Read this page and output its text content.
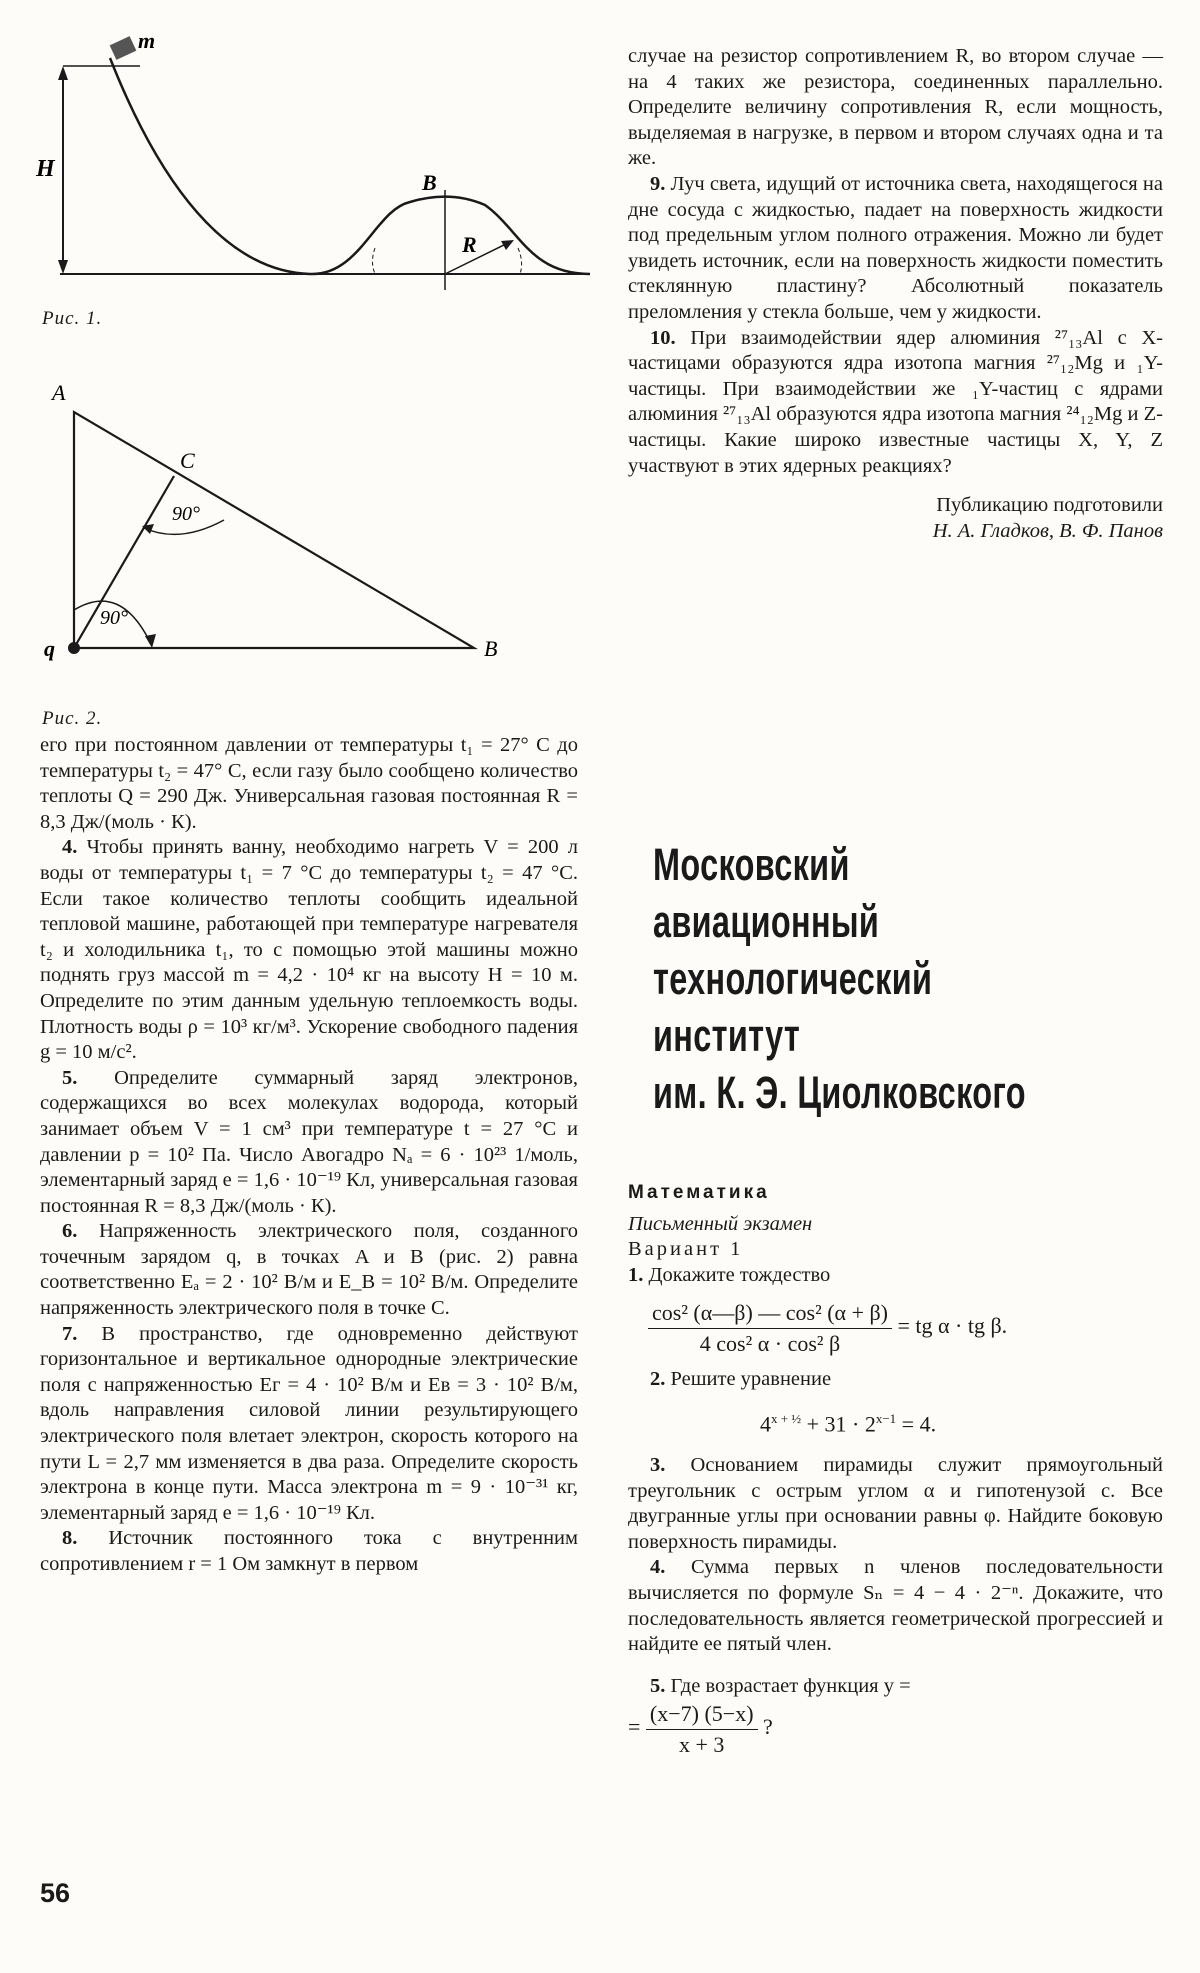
m
H
B
R
Рис. 1.
A
C
B
q
90°
90°
Рис. 2.

его при постоянном давлении от температуры t₁ = 27° C до температуры t₂ = 47° C, если газу было сообщено количество теплоты Q = 290 Дж. Универсальная газовая постоянная R = 8,3 Дж/(моль · К).

4. Чтобы принять ванну, необходимо нагреть V = 200 л воды от температуры t₁ = 7 °C до температуры t₂ = 47 °C. Если такое количество теплоты сообщить идеальной тепловой машине, работающей при температуре нагревателя t₂ и холодильника t₁, то с помощью этой машины можно поднять груз массой m = 4,2 · 10⁴ кг на высоту H = 10 м. Определите по этим данным удельную теплоемкость воды. Плотность воды ρ = 10³ кг/м³. Ускорение свободного падения g = 10 м/с².

5. Определите суммарный заряд электронов, содержащихся во всех молекулах водорода, который занимает объем V = 1 см³ при температуре t = 27 °C и давлении p = 10² Па. Число Авогадро Nₐ = 6 · 10²³ 1/моль, элементарный заряд e = 1,6 · 10⁻¹⁹ Кл, универсальная газовая постоянная R = 8,3 Дж/(моль · К).

6. Напряженность электрического поля, созданного точечным зарядом q, в точках A и B (рис. 2) равна соответственно Eₐ = 2 · 10² В/м и E_B = 10² В/м. Определите напряженность электрического поля в точке C.

7. В пространство, где одновременно действуют горизонтальное и вертикальное однородные электрические поля с напряженностью Eг = 4 · 10² В/м и Eв = 3 · 10² В/м, вдоль направления силовой линии результирующего электрического поля влетает электрон, скорость которого на пути L = 2,7 мм изменяется в два раза. Определите скорость электрона в конце пути. Масса электрона m = 9 · 10⁻³¹ кг, элементарный заряд e = 1,6 · 10⁻¹⁹ Кл.

8. Источник постоянного тока с внутренним сопротивлением r = 1 Ом замкнут в первом

случае на резистор сопротивлением R, во втором случае — на 4 таких же резистора, соединенных параллельно. Определите величину сопротивления R, если мощность, выделяемая в нагрузке, в первом и втором случаях одна и та же.

9. Луч света, идущий от источника света, находящегося на дне сосуда с жидкостью, падает на поверхность жидкости под предельным углом полного отражения. Можно ли будет увидеть источник, если на поверхность жидкости поместить стеклянную пластину? Абсолютный показатель преломления у стекла больше, чем у жидкости.

10. При взаимодействии ядер алюминия ²⁷₁₃Al с X-частицами образуются ядра изотопа магния ²⁷₁₂Mg и ₁Y-частицы. При взаимодействии же ₁Y-частиц с ядрами алюминия ²⁷₁₃Al образуются ядра изотопа магния ²⁴₁₂Mg и Z-частицы. Какие широко известные частицы X, Y, Z участвуют в этих ядерных реакциях?

Публикацию подготовили

Н. А. Гладков, В. Ф. Панов

Московский
авиационный
технологический
институт
им. К. Э. Циолковского

Математика

Письменный экзамен

Вариант 1

1. Докажите тождество

$\frac{\text{cos² (α—β) — cos² (α + β)}}{\text{4 cos² α · cos² β}}$ = tg α · tg β.

2. Решите уравнение

$4^{x + \frac{1}{2}} + 31 \cdot 2^{x-1} = 4$.

3. Основанием пирамиды служит прямоугольный треугольник с острым углом α и гипотенузой c. Все двугранные углы при основании равны φ. Найдите боковую поверхность пирамиды.

4. Сумма первых n членов последовательности вычисляется по формуле Sₙ = 4 − 4 · 2⁻ⁿ. Докажите, что последовательность является геометрической прогрессией и найдите ее пятый член.

5. Где возрастает функция y =

= $\frac{(x-7) (5-x)}{x + 3}$ ?
56
